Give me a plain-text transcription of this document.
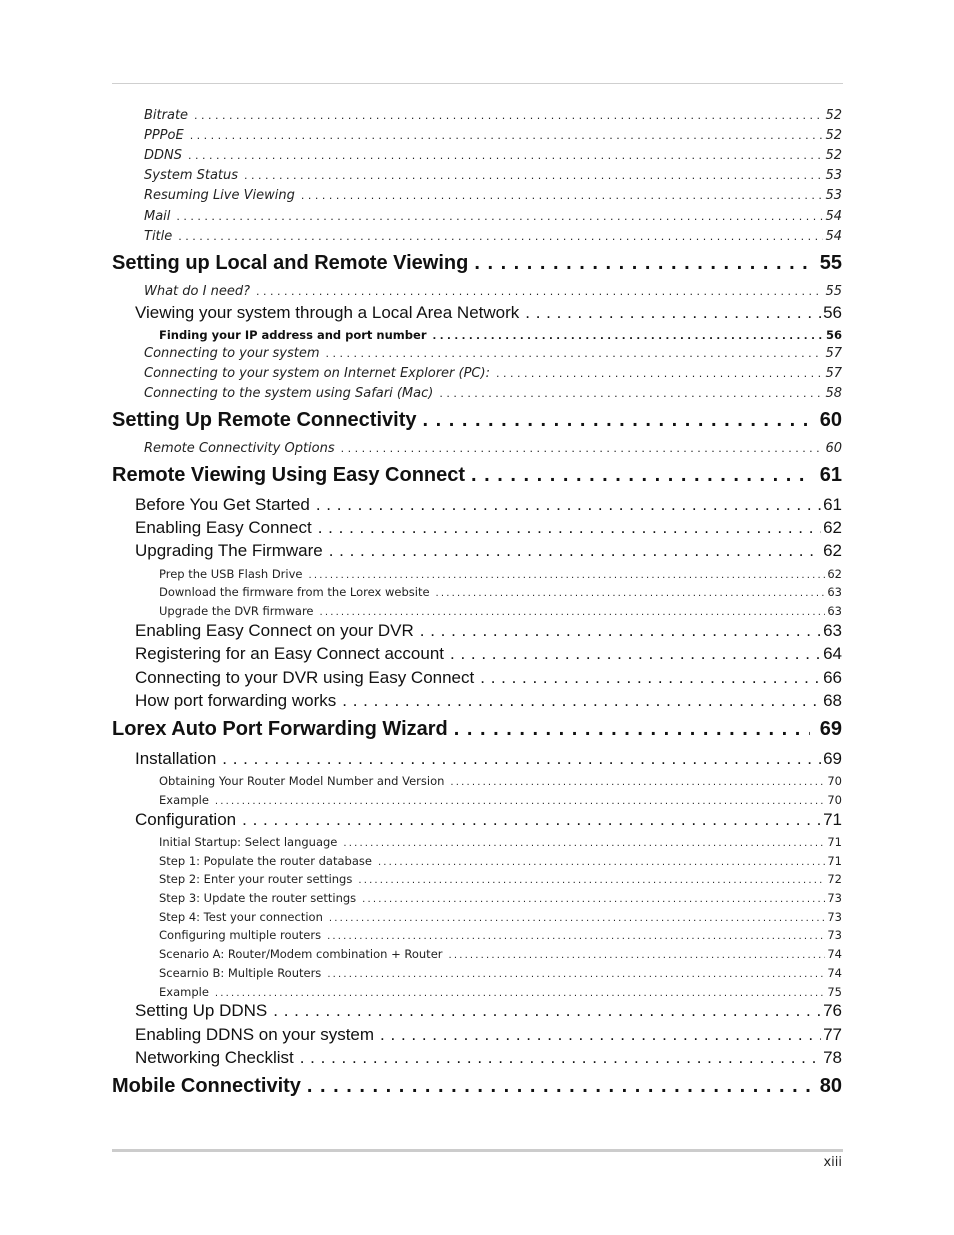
Bitrate . . .	52
PPPoE . . .	52
DDNS . . .	52
System Status . . .	53
Resuming Live Viewing . . .	53
Mail . . .	54
Title . . .	54
Setting up Local and Remote Viewing . . .	55
What do I need? . . .	55
Viewing your system through a Local Area Network . . .	56
Finding your IP address and port number . . .	56
Connecting to your system . . .	57
Connecting to your system on Internet Explorer (PC): . . .	57
Connecting to the system using Safari (Mac) . . .	58
Setting Up Remote Connectivity . . .	60
Remote Connectivity Options . . .	60
Remote Viewing Using Easy Connect . . .	61
Before You Get Started . . .	61
Enabling Easy Connect . . .	62
Upgrading The Firmware . . .	62
Prep the USB Flash Drive . . .	62
Download the firmware from the Lorex website . . .	63
Upgrade the DVR firmware . . .	63
Enabling Easy Connect on your DVR . . .	63
Registering for an Easy Connect account . . .	64
Connecting to your DVR using Easy Connect . . .	66
How port forwarding works . . .	68
Lorex Auto Port Forwarding Wizard . . .	69
Installation . . .	69
Obtaining Your Router Model Number and Version . . .	70
Example . . .	70
Configuration . . .	71
Initial Startup: Select language . . .	71
Step 1: Populate the router database . . .	71
Step 2: Enter your router settings . . .	72
Step 3: Update the router settings . . .	73
Step 4: Test your connection . . .	73
Configuring multiple routers . . .	73
Scenario A: Router/Modem combination + Router . . .	74
Scearnio B: Multiple Routers . . .	74
Example . . .	75
Setting Up DDNS . . .	76
Enabling DDNS on your system . . .	77
Networking Checklist . . .	78
Mobile Connectivity . . .	80
xiii
